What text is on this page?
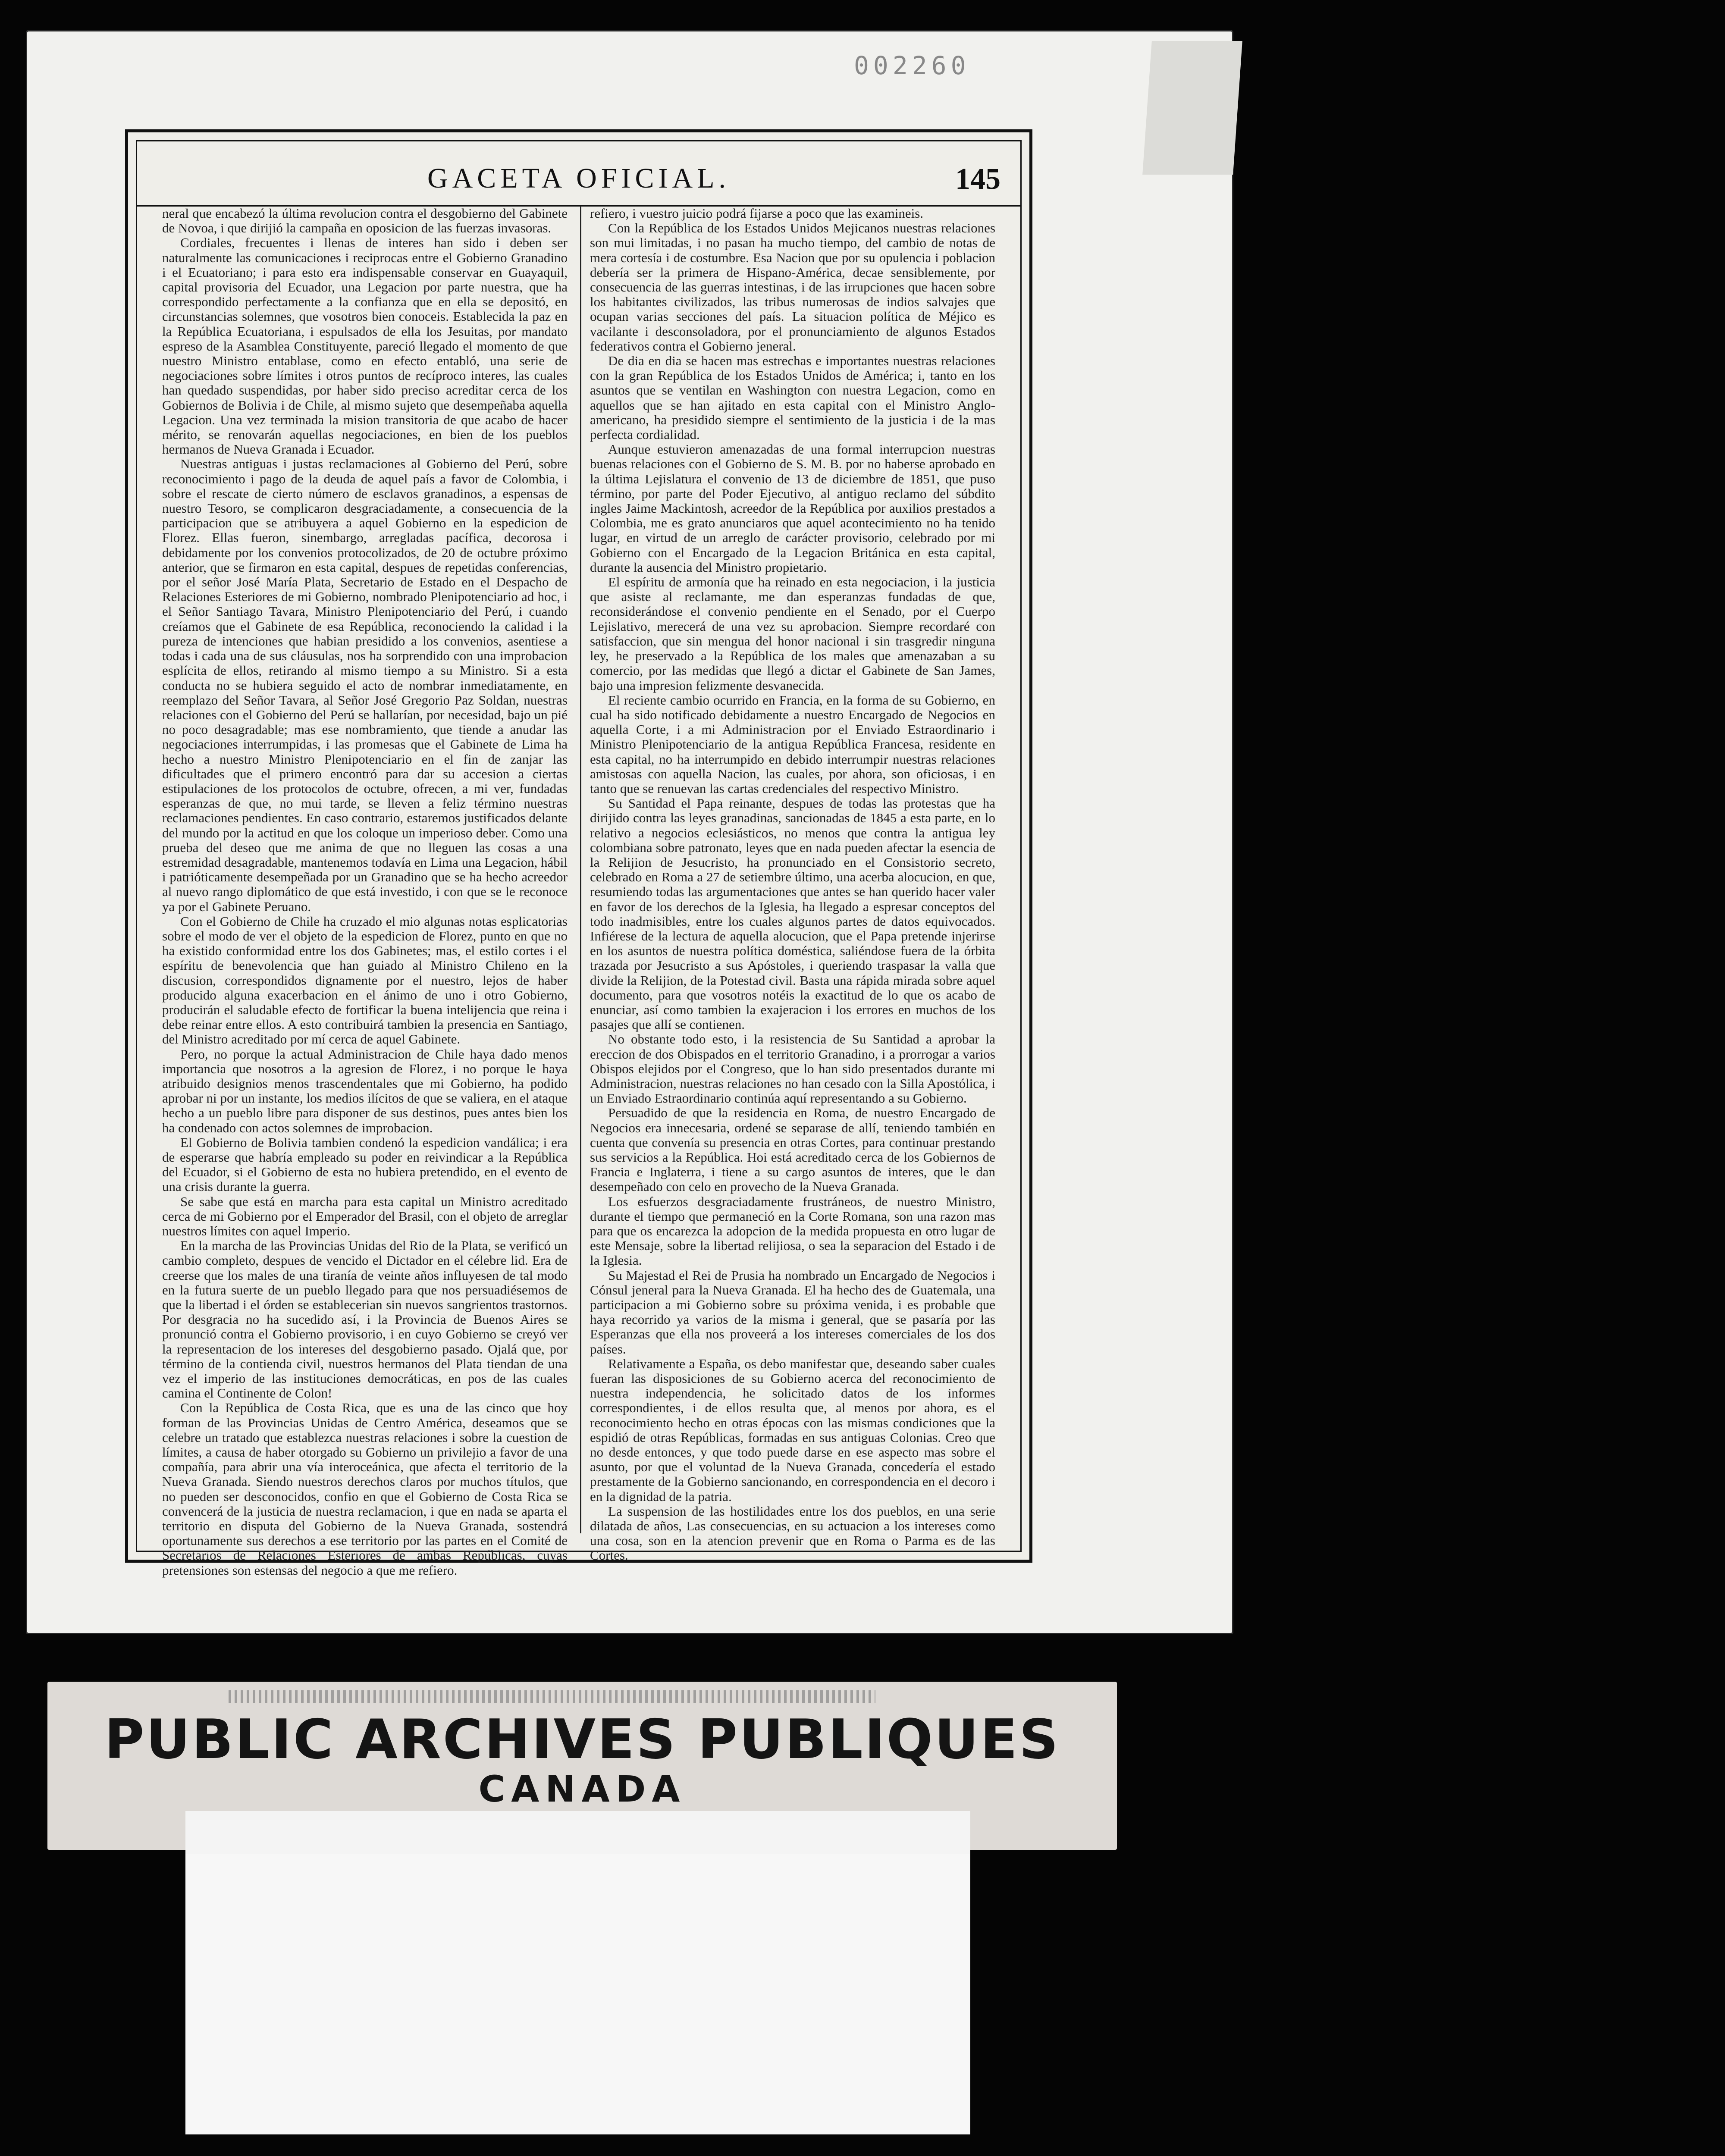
002260
GACETA OFICIAL.	145

neral que encabezó la última revolucion contra el desgobierno del Gabinete de Novoa, i que dirijió la campaña en oposicion de las fuerzas invasoras.

Cordiales, frecuentes i llenas de interes han sido i deben ser naturalmente las comunicaciones i reciprocas entre el Gobierno Granadino i el Ecuatoriano; i para esto era indispensable conservar en Guayaquil, capital provisoria del Ecuador, una Legacion por parte nuestra, que ha correspondido perfectamente a la confianza que en ella se depositó, en circunstancias solemnes, que vosotros bien conoceis. Establecida la paz en la República Ecuatoriana, i espulsados de ella los Jesuitas, por mandato espreso de la Asamblea Constituyente, pareció llegado el momento de que nuestro Ministro entablase, como en efecto entabló, una serie de negociaciones sobre límites i otros puntos de recíproco interes, las cuales han quedado suspendidas, por haber sido preciso acreditar cerca de los Gobiernos de Bolivia i de Chile, al mismo sujeto que desempeñaba aquella Legacion. Una vez terminada la mision transitoria de que acabo de hacer mérito, se renovarán aquellas negociaciones, en bien de los pueblos hermanos de Nueva Granada i Ecuador.

Nuestras antiguas i justas reclamaciones al Gobierno del Perú, sobre reconocimiento i pago de la deuda de aquel país a favor de Colombia, i sobre el rescate de cierto número de esclavos granadinos, a espensas de nuestro Tesoro, se complicaron desgraciadamente, a consecuencia de la participacion que se atribuyera a aquel Gobierno en la espedicion de Florez. Ellas fueron, sinembargo, arregladas pacífica, decorosa i debidamente por los convenios protocolizados, de 20 de octubre próximo anterior, que se firmaron en esta capital, despues de repetidas conferencias, por el señor José María Plata, Secretario de Estado en el Despacho de Relaciones Esteriores de mi Gobierno, nombrado Plenipotenciario ad hoc, i el Señor Santiago Tavara, Ministro Plenipotenciario del Perú, i cuando creíamos que el Gabinete de esa República, reconociendo la calidad i la pureza de intenciones que habian presidido a los convenios, asentiese a todas i cada una de sus cláusulas, nos ha sorprendido con una improbacion esplícita de ellos, retirando al mismo tiempo a su Ministro. Si a esta conducta no se hubiera seguido el acto de nombrar inmediatamente, en reemplazo del Señor Tavara, al Señor José Gregorio Paz Soldan, nuestras relaciones con el Gobierno del Perú se hallarían, por necesidad, bajo un pié no poco desagradable; mas ese nombramiento, que tiende a anudar las negociaciones interrumpidas, i las promesas que el Gabinete de Lima ha hecho a nuestro Ministro Plenipotenciario en el fin de zanjar las dificultades que el primero encontró para dar su accesion a ciertas estipulaciones de los protocolos de octubre, ofrecen, a mi ver, fundadas esperanzas de que, no mui tarde, se lleven a feliz término nuestras reclamaciones pendientes. En caso contrario, estaremos justificados delante del mundo por la actitud en que los coloque un imperioso deber. Como una prueba del deseo que me anima de que no lleguen las cosas a una estremidad desagradable, mantenemos todavía en Lima una Legacion, hábil i patrióticamente desempeñada por un Granadino que se ha hecho acreedor al nuevo rango diplomático de que está investido, i con que se le reconoce ya por el Gabinete Peruano.

Con el Gobierno de Chile ha cruzado el mio algunas notas esplicatorias sobre el modo de ver el objeto de la espedicion de Florez, punto en que no ha existido conformidad entre los dos Gabinetes; mas, el estilo cortes i el espíritu de benevolencia que han guiado al Ministro Chileno en la discusion, correspondidos dignamente por el nuestro, lejos de haber producido alguna exacerbacion en el ánimo de uno i otro Gobierno, producirán el saludable efecto de fortificar la buena intelijencia que reina i debe reinar entre ellos. A esto contribuirá tambien la presencia en Santiago, del Ministro acreditado por mí cerca de aquel Gabinete.

Pero, no porque la actual Administracion de Chile haya dado menos importancia que nosotros a la agresion de Florez, i no porque le haya atribuido designios menos trascendentales que mi Gobierno, ha podido aprobar ni por un instante, los medios ilícitos de que se valiera, en el ataque hecho a un pueblo libre para disponer de sus destinos, pues antes bien los ha condenado con actos solemnes de improbacion.

El Gobierno de Bolivia tambien condenó la espedicion vandálica; i era de esperarse que habría empleado su poder en reivindicar a la República del Ecuador, si el Gobierno de esta no hubiera pretendido, en el evento de una crisis durante la guerra.

Se sabe que está en marcha para esta capital un Ministro acreditado cerca de mi Gobierno por el Emperador del Brasil, con el objeto de arreglar nuestros límites con aquel Imperio.

En la marcha de las Provincias Unidas del Rio de la Plata, se verificó un cambio completo, despues de vencido el Dictador en el célebre lid. Era de creerse que los males de una tiranía de veinte años influyesen de tal modo en la futura suerte de un pueblo llegado para que nos persuadiésemos de que la libertad i el órden se establecerian sin nuevos sangrientos trastornos. Por desgracia no ha sucedido así, i la Provincia de Buenos Aires se pronunció contra el Gobierno provisorio, i en cuyo Gobierno se creyó ver la representacion de los intereses del desgobierno pasado. Ojalá que, por término de la contienda civil, nuestros hermanos del Plata tiendan de una vez el imperio de las instituciones democráticas, en pos de las cuales camina el Continente de Colon!

Con la República de Costa Rica, que es una de las cinco que hoy forman de las Provincias Unidas de Centro América, deseamos que se celebre un tratado que establezca nuestras relaciones i sobre la cuestion de límites, a causa de haber otorgado su Gobierno un privilejio a favor de una compañía, para abrir una vía interoceánica, que afecta el territorio de la Nueva Granada. Siendo nuestros derechos claros por muchos títulos, que no pueden ser desconocidos, confio en que el Gobierno de Costa Rica se convencerá de la justicia de nuestra reclamacion, i que en nada se aparta el territorio en disputa del Gobierno de la Nueva Granada, sostendrá oportunamente sus derechos a ese territorio por las partes en el Comité de Secretarios de Relaciones Esteriores de ambas Repúblicas, cuyas pretensiones son estensas del negocio a que me refiero.

refiero, i vuestro juicio podrá fijarse a poco que las examineis.

Con la República de los Estados Unidos Mejicanos nuestras relaciones son mui limitadas, i no pasan ha mucho tiempo, del cambio de notas de mera cortesía i de costumbre. Esa Nacion que por su opulencia i poblacion debería ser la primera de Hispano-América, decae sensiblemente, por consecuencia de las guerras intestinas, i de las irrupciones que hacen sobre los habitantes civilizados, las tribus numerosas de indios salvajes que ocupan varias secciones del país. La situacion política de Méjico es vacilante i desconsoladora, por el pronunciamiento de algunos Estados federativos contra el Gobierno jeneral.

De dia en dia se hacen mas estrechas e importantes nuestras relaciones con la gran República de los Estados Unidos de América; i, tanto en los asuntos que se ventilan en Washington con nuestra Legacion, como en aquellos que se han ajitado en esta capital con el Ministro Anglo-americano, ha presidido siempre el sentimiento de la justicia i de la mas perfecta cordialidad.

Aunque estuvieron amenazadas de una formal interrupcion nuestras buenas relaciones con el Gobierno de S. M. B. por no haberse aprobado en la última Lejislatura el convenio de 13 de diciembre de 1851, que puso término, por parte del Poder Ejecutivo, al antiguo reclamo del súbdito ingles Jaime Mackintosh, acreedor de la República por auxilios prestados a Colombia, me es grato anunciaros que aquel acontecimiento no ha tenido lugar, en virtud de un arreglo de carácter provisorio, celebrado por mi Gobierno con el Encargado de la Legacion Británica en esta capital, durante la ausencia del Ministro propietario.

El espíritu de armonía que ha reinado en esta negociacion, i la justicia que asiste al reclamante, me dan esperanzas fundadas de que, reconsiderándose el convenio pendiente en el Senado, por el Cuerpo Lejislativo, merecerá de una vez su aprobacion. Siempre recordaré con satisfaccion, que sin mengua del honor nacional i sin trasgredir ninguna ley, he preservado a la República de los males que amenazaban a su comercio, por las medidas que llegó a dictar el Gabinete de San James, bajo una impresion felizmente desvanecida.

El reciente cambio ocurrido en Francia, en la forma de su Gobierno, en cual ha sido notificado debidamente a nuestro Encargado de Negocios en aquella Corte, i a mi Administracion por el Enviado Estraordinario i Ministro Plenipotenciario de la antigua República Francesa, residente en esta capital, no ha interrumpido en debido interrumpir nuestras relaciones amistosas con aquella Nacion, las cuales, por ahora, son oficiosas, i en tanto que se renuevan las cartas credenciales del respectivo Ministro.

Su Santidad el Papa reinante, despues de todas las protestas que ha dirijido contra las leyes granadinas, sancionadas de 1845 a esta parte, en lo relativo a negocios eclesiásticos, no menos que contra la antigua ley colombiana sobre patronato, leyes que en nada pueden afectar la esencia de la Relijion de Jesucristo, ha pronunciado en el Consistorio secreto, celebrado en Roma a 27 de setiembre último, una acerba alocucion, en que, resumiendo todas las argumentaciones que antes se han querido hacer valer en favor de los derechos de la Iglesia, ha llegado a espresar conceptos del todo inadmisibles, entre los cuales algunos partes de datos equivocados. Infiérese de la lectura de aquella alocucion, que el Papa pretende injerirse en los asuntos de nuestra política doméstica, saliéndose fuera de la órbita trazada por Jesucristo a sus Apóstoles, i queriendo traspasar la valla que divide la Relijion, de la Potestad civil. Basta una rápida mirada sobre aquel documento, para que vosotros notéis la exactitud de lo que os acabo de enunciar, así como tambien la exajeracion i los errores en muchos de los pasajes que allí se contienen.

No obstante todo esto, i la resistencia de Su Santidad a aprobar la ereccion de dos Obispados en el territorio Granadino, i a prorrogar a varios Obispos elejidos por el Congreso, que lo han sido presentados durante mi Administracion, nuestras relaciones no han cesado con la Silla Apostólica, i un Enviado Estraordinario continúa aquí representando a su Gobierno.

Persuadido de que la residencia en Roma, de nuestro Encargado de Negocios era innecesaria, ordené se separase de allí, teniendo también en cuenta que convenía su presencia en otras Cortes, para continuar prestando sus servicios a la República. Hoi está acreditado cerca de los Gobiernos de Francia e Inglaterra, i tiene a su cargo asuntos de interes, que le dan desempeñado con celo en provecho de la Nueva Granada.

Los esfuerzos desgraciadamente frustráneos, de nuestro Ministro, durante el tiempo que permaneció en la Corte Romana, son una razon mas para que os encarezca la adopcion de la medida propuesta en otro lugar de este Mensaje, sobre la libertad relijiosa, o sea la separacion del Estado i de la Iglesia.

Su Majestad el Rei de Prusia ha nombrado un Encargado de Negocios i Cónsul jeneral para la Nueva Granada. El ha hecho des de Guatemala, una participacion a mi Gobierno sobre su próxima venida, i es probable que haya recorrido ya varios de la misma i general, que se pasaría por las Esperanzas que ella nos proveerá a los intereses comerciales de los dos países.

Relativamente a España, os debo manifestar que, deseando saber cuales fueran las disposiciones de su Gobierno acerca del reconocimiento de nuestra independencia, he solicitado datos de los informes correspondientes, i de ellos resulta que, al menos por ahora, es el reconocimiento hecho en otras épocas con las mismas condiciones que la espidió de otras Repúblicas, formadas en sus antiguas Colonias. Creo que no desde entonces, y que todo puede darse en ese aspecto mas sobre el asunto, por que el voluntad de la Nueva Granada, concedería el estado prestamente de la Gobierno sancionando, en correspondencia en el decoro i en la dignidad de la patria.

La suspension de las hostilidades entre los dos pueblos, en una serie dilatada de años, Las consecuencias, en su actuacion a los intereses como una cosa, son en la atencion prevenir que en Roma o Parma es de las Cortes.

PUBLIC ARCHIVES PUBLIQUES
CANADA
